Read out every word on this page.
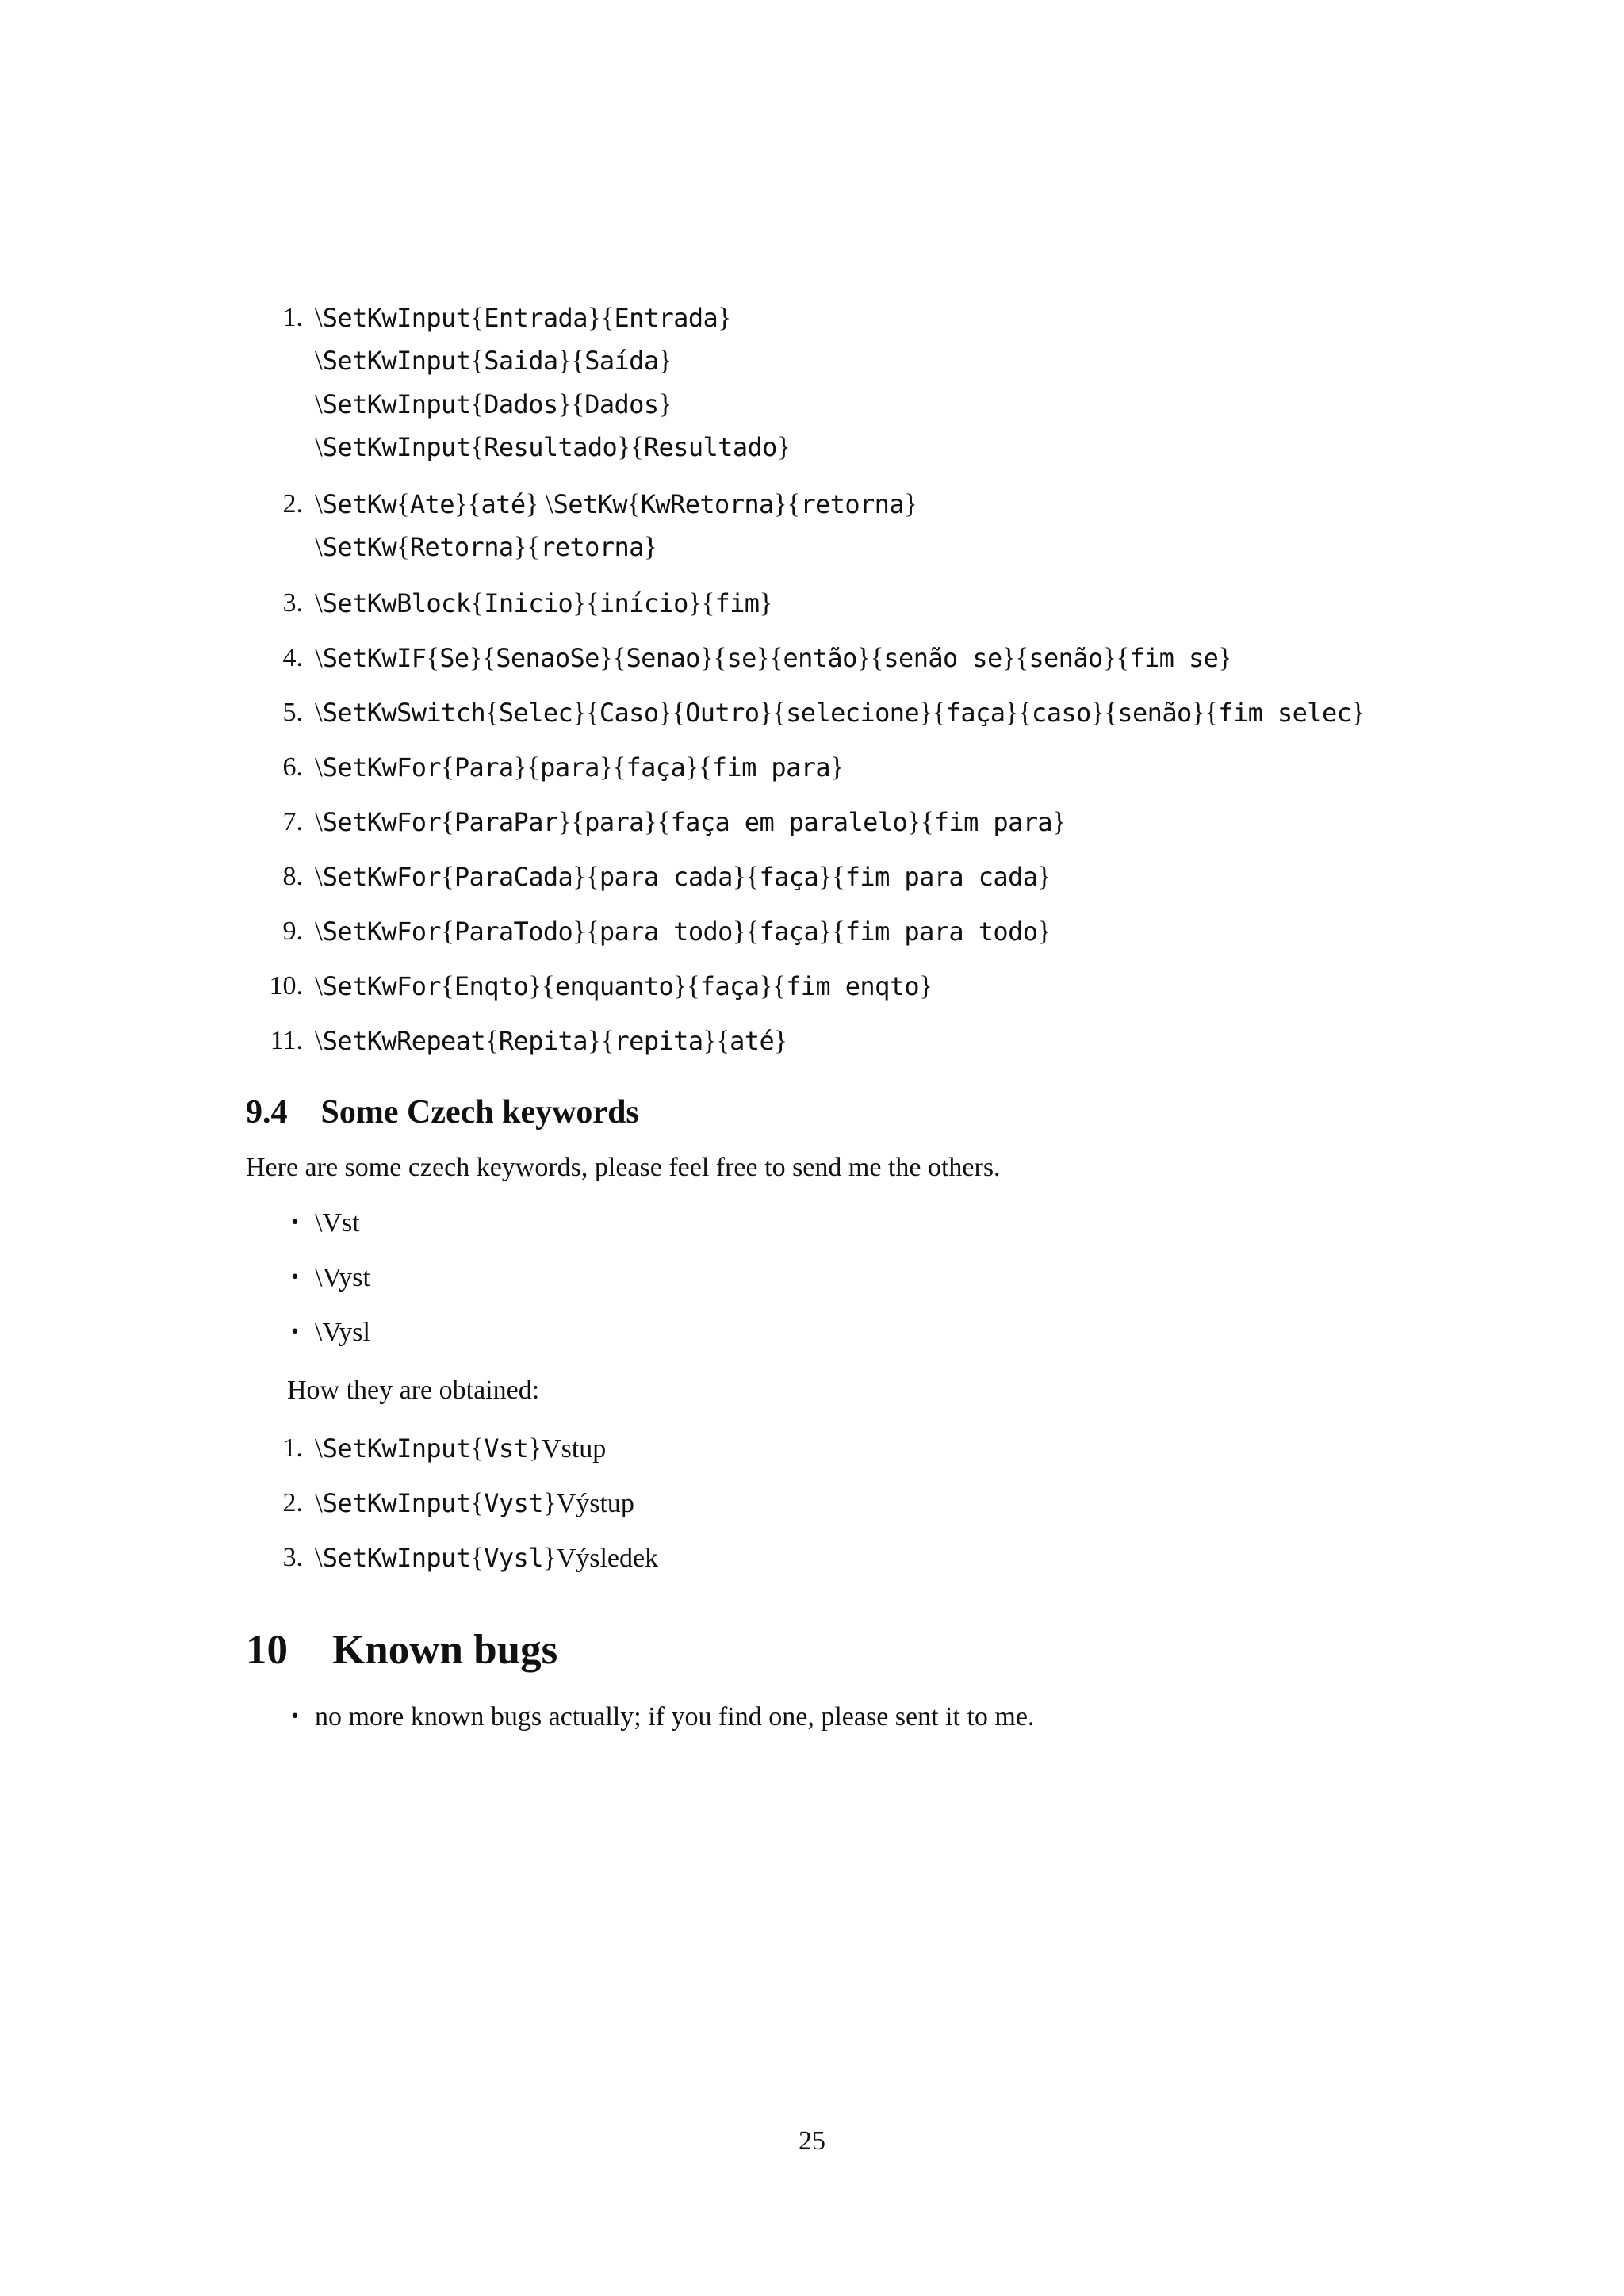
1. \SetKwInput{Entrada}{Entrada}
\SetKwInput{Saida}{Saída}
\SetKwInput{Dados}{Dados}
\SetKwInput{Resultado}{Resultado}
2. \SetKw{Ate}{até} \SetKw{KwRetorna}{retorna}
\SetKw{Retorna}{retorna}
3. \SetKwBlock{Inicio}{início}{fim}
4. \SetKwIF{Se}{SenaoSe}{Senao}{se}{então}{senão se}{senão}{fim se}
5. \SetKwSwitch{Selec}{Caso}{Outro}{selecione}{faça}{caso}{senão}{fim selec}
6. \SetKwFor{Para}{para}{faça}{fim para}
7. \SetKwFor{ParaPar}{para}{faça em paralelo}{fim para}
8. \SetKwFor{ParaCada}{para cada}{faça}{fim para cada}
9. \SetKwFor{ParaTodo}{para todo}{faça}{fim para todo}
10. \SetKwFor{Enqto}{enquanto}{faça}{fim enqto}
11. \SetKwRepeat{Repita}{repita}{até}
9.4 Some Czech keywords
Here are some czech keywords, please feel free to send me the others.
• \Vst
• \Vyst
• \Vysl
How they are obtained:
1. \SetKwInput{Vst}Vstup
2. \SetKwInput{Vyst}Výstup
3. \SetKwInput{Vysl}Výsledek
10 Known bugs
• no more known bugs actually; if you find one, please sent it to me.
25
